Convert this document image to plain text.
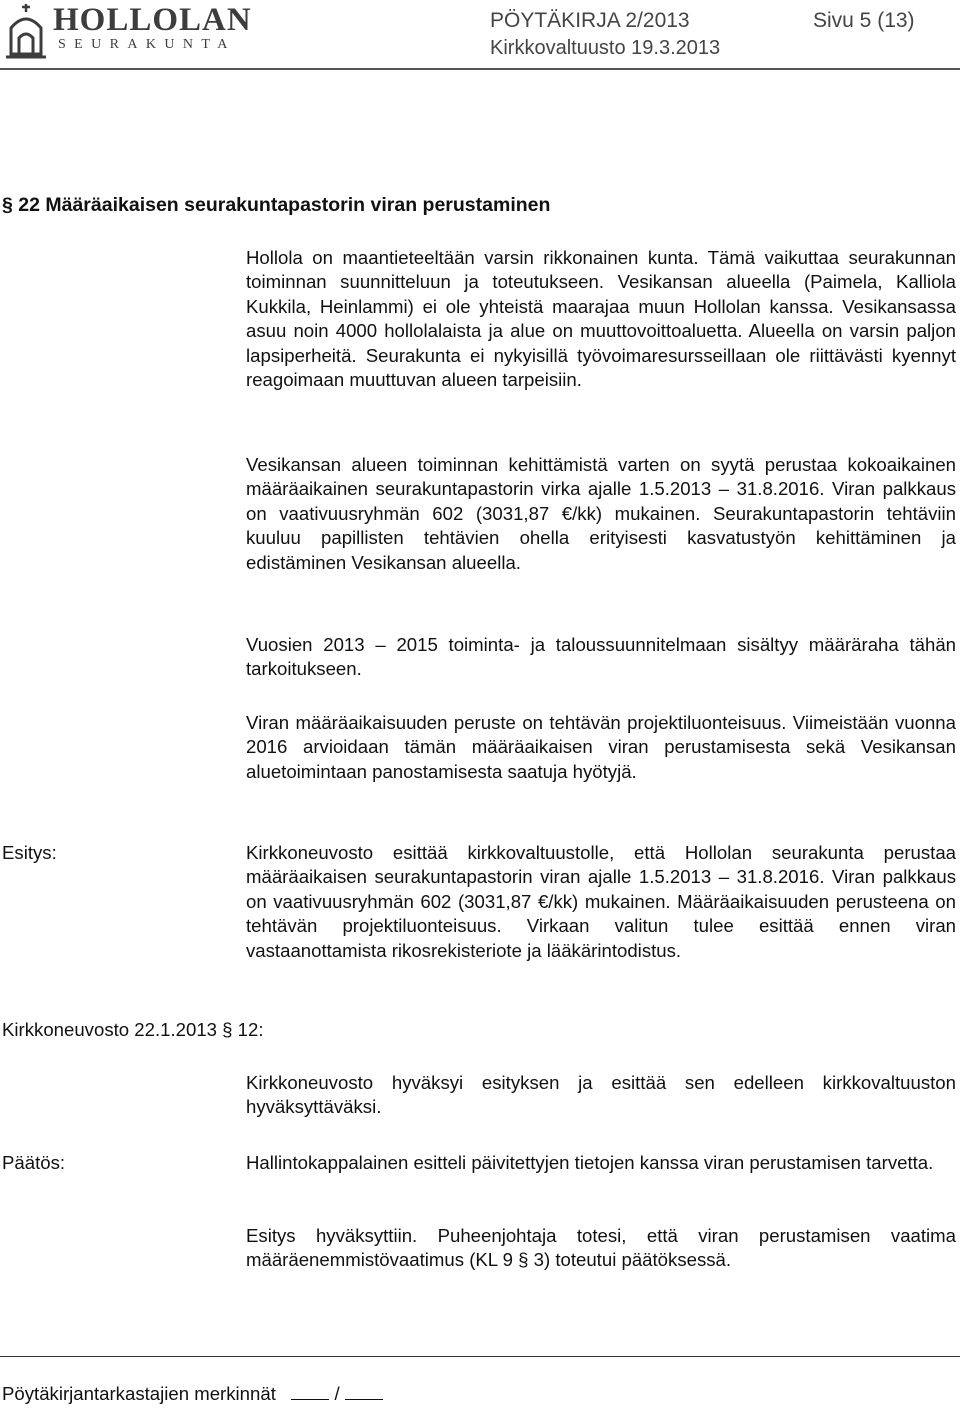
HOLLOLAN
SEURAKUNTA
PÖYTÄKIRJA 2/2013	Sivu 5 (13)
Kirkkovaltuusto 19.3.2013
§ 22 Määräaikaisen seurakuntapastorin viran perustaminen

Hollola on maantieteeltään varsin rikkonainen kunta. Tämä vaikuttaa seurakunnan toiminnan suunnitteluun ja toteutukseen. Vesikansan alueella (Paimela, Kalliola Kukkila, Heinlammi) ei ole yhteistä maarajaa muun Hollolan kanssa. Vesikansassa asuu noin 4000 hollolalaista ja alue on muuttovoittoaluetta. Alueella on varsin paljon lapsiperheitä. Seurakunta ei nykyisillä työvoimaresursseillaan ole riittävästi kyennyt reagoimaan muuttuvan alueen tarpeisiin.

Vesikansan alueen toiminnan kehittämistä varten on syytä perustaa kokoaikainen määräaikainen seurakuntapastorin virka ajalle 1.5.2013 – 31.8.2016. Viran palkkaus on vaativuusryhmän 602 (3031,87 €/kk) mukainen. Seurakuntapastorin tehtäviin kuuluu papillisten tehtävien ohella erityisesti kasvatustyön kehittäminen ja edistäminen Vesikansan alueella.

Vuosien 2013 – 2015 toiminta- ja taloussuunnitelmaan sisältyy määräraha tähän tarkoitukseen.

Viran määräaikaisuuden peruste on tehtävän projektiluonteisuus. Viimeistään vuonna 2016 arvioidaan tämän määräaikaisen viran perustamisesta sekä Vesikansan aluetoimintaan panostamisesta saatuja hyötyjä.

Esitys:	Kirkkoneuvosto esittää kirkkovaltuustolle, että Hollolan seurakunta perustaa määräaikaisen seurakuntapastorin viran ajalle 1.5.2013 – 31.8.2016. Viran palkkaus on vaativuusryhmän 602 (3031,87 €/kk) mukainen. Määräaikaisuuden perusteena on tehtävän projektiluonteisuus. Virkaan valitun tulee esittää ennen viran vastaanottamista rikosrekisteriote ja lääkärintodistus.

Kirkkoneuvosto 22.1.2013 § 12:

Kirkkoneuvosto hyväksyi esityksen ja esittää sen edelleen kirkkovaltuuston hyväksyttäväksi.

Päätös:	Hallintokappalainen esitteli päivitettyjen tietojen kanssa viran perustamisen tarvetta.

Esitys hyväksyttiin. Puheenjohtaja totesi, että viran perustamisen vaatima määräenemmistövaatimus (KL 9 § 3) toteutui päätöksessä.

Pöytäkirjantarkastajien merkinnät	/
